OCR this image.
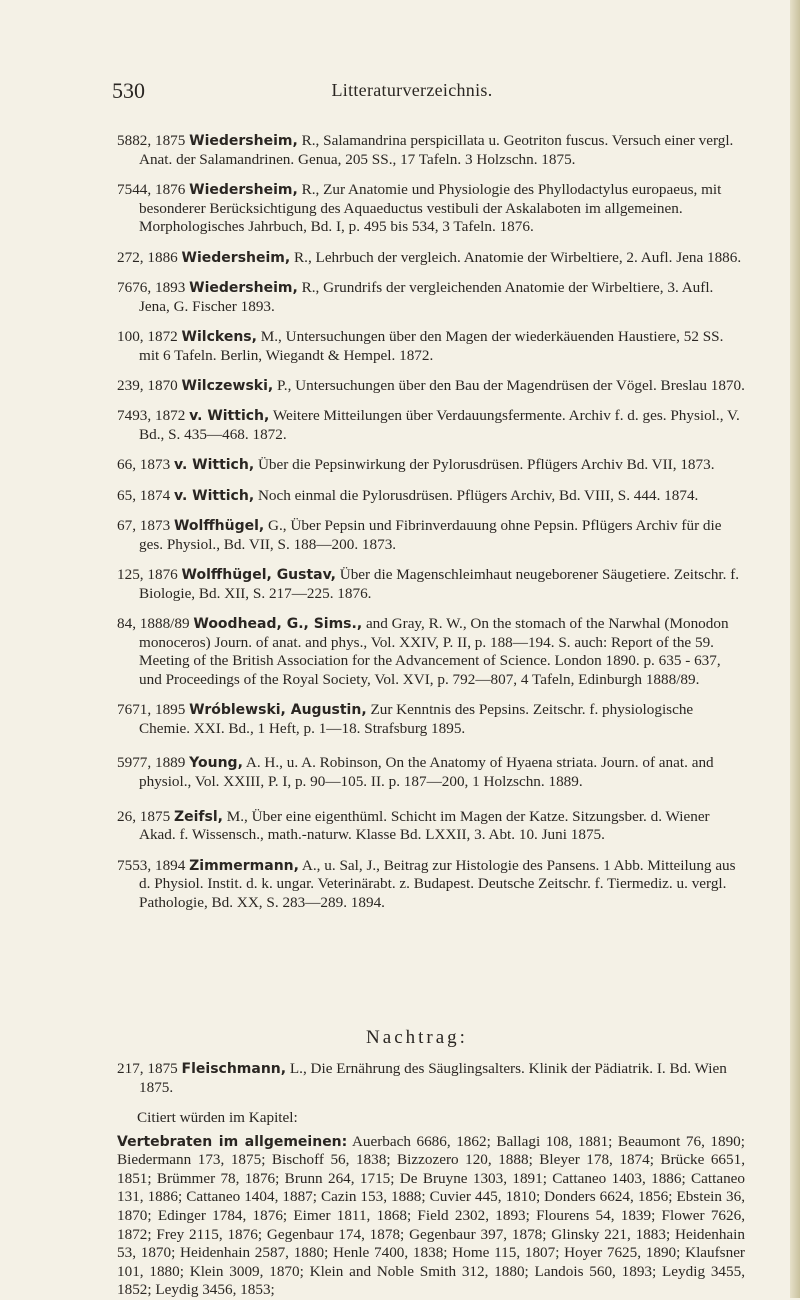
530	Litteraturverzeichnis.

5882, 1875 Wiedersheim, R., Salamandrina perspicillata u. Geotriton fuscus. Versuch einer vergl. Anat. der Salamandrinen. Genua, 205 SS., 17 Tafeln. 3 Holzschn. 1875.

7544, 1876 Wiedersheim, R., Zur Anatomie und Physiologie des Phyllodactylus europaeus, mit besonderer Berücksichtigung des Aquaeductus vestibuli der Askalaboten im allgemeinen. Morphologisches Jahrbuch, Bd. I, p. 495 bis 534, 3 Tafeln. 1876.

272, 1886 Wiedersheim, R., Lehrbuch der vergleich. Anatomie der Wirbeltiere, 2. Aufl. Jena 1886.

7676, 1893 Wiedersheim, R., Grundrifs der vergleichenden Anatomie der Wirbeltiere, 3. Aufl. Jena, G. Fischer 1893.

100, 1872 Wilckens, M., Untersuchungen über den Magen der wiederkäuenden Haustiere, 52 SS. mit 6 Tafeln. Berlin, Wiegandt & Hempel. 1872.

239, 1870 Wilczewski, P., Untersuchungen über den Bau der Magendrüsen der Vögel. Breslau 1870.

7493, 1872 v. Wittich, Weitere Mitteilungen über Verdauungsfermente. Archiv f. d. ges. Physiol., V. Bd., S. 435—468. 1872.

66, 1873 v. Wittich, Über die Pepsinwirkung der Pylorusdrüsen. Pflügers Archiv Bd. VII, 1873.

65, 1874 v. Wittich, Noch einmal die Pylorusdrüsen. Pflügers Archiv, Bd. VIII, S. 444. 1874.

67, 1873 Wolffhügel, G., Über Pepsin und Fibrinverdauung ohne Pepsin. Pflügers Archiv für die ges. Physiol., Bd. VII, S. 188—200. 1873.

125, 1876 Wolffhügel, Gustav, Über die Magenschleimhaut neugeborener Säugetiere. Zeitschr. f. Biologie, Bd. XII, S. 217—225. 1876.

84, 1888/89 Woodhead, G., Sims., and Gray, R. W., On the stomach of the Narwhal (Monodon monoceros) Journ. of anat. and phys., Vol. XXIV, P. II, p. 188—194. S. auch: Report of the 59. Meeting of the British Association for the Advancement of Science. London 1890. p. 635 - 637, und Proceedings of the Royal Society, Vol. XVI, p. 792—807, 4 Tafeln, Edinburgh 1888/89.

7671, 1895 Wróblewski, Augustin, Zur Kenntnis des Pepsins. Zeitschr. f. physiologische Chemie. XXI. Bd., 1 Heft, p. 1—18. Strafsburg 1895.

5977, 1889 Young, A. H., u. A. Robinson, On the Anatomy of Hyaena striata. Journ. of anat. and physiol., Vol. XXIII, P. I, p. 90—105. II. p. 187—200, 1 Holzschn. 1889.

26, 1875 Zeifsl, M., Über eine eigenthüml. Schicht im Magen der Katze. Sitzungsber. d. Wiener Akad. f. Wissensch., math.-naturw. Klasse Bd. LXXII, 3. Abt. 10. Juni 1875.

7553, 1894 Zimmermann, A., u. Sal, J., Beitrag zur Histologie des Pansens. 1 Abb. Mitteilung aus d. Physiol. Instit. d. k. ungar. Veterinärabt. z. Budapest. Deutsche Zeitschr. f. Tiermediz. u. vergl. Pathologie, Bd. XX, S. 283—289. 1894.

Nachtrag:

217, 1875 Fleischmann, L., Die Ernährung des Säuglingsalters. Klinik der Pädiatrik. I. Bd. Wien 1875.

Citiert würden im Kapitel:
Vertebraten im allgemeinen: Auerbach 6686, 1862; Ballagi 108, 1881; Beaumont 76, 1890; Biedermann 173, 1875; Bischoff 56, 1838; Bizzozero 120, 1888; Bleyer 178, 1874; Brücke 6651, 1851; Brümmer 78, 1876; Brunn 264, 1715; De Bruyne 1303, 1891; Cattaneo 1403, 1886; Cattaneo 131, 1886; Cattaneo 1404, 1887; Cazin 153, 1888; Cuvier 445, 1810; Donders 6624, 1856; Ebstein 36, 1870; Edinger 1784, 1876; Eimer 1811, 1868; Field 2302, 1893; Flourens 54, 1839; Flower 7626, 1872; Frey 2115, 1876; Gegenbaur 174, 1878; Gegenbaur 397, 1878; Glinsky 221, 1883; Heidenhain 53, 1870; Heidenhain 2587, 1880; Henle 7400, 1838; Home 115, 1807; Hoyer 7625, 1890; Klaufsner 101, 1880; Klein 3009, 1870; Klein and Noble Smith 312, 1880; Landois 560, 1893; Leydig 3455, 1852; Leydig 3456, 1853;
